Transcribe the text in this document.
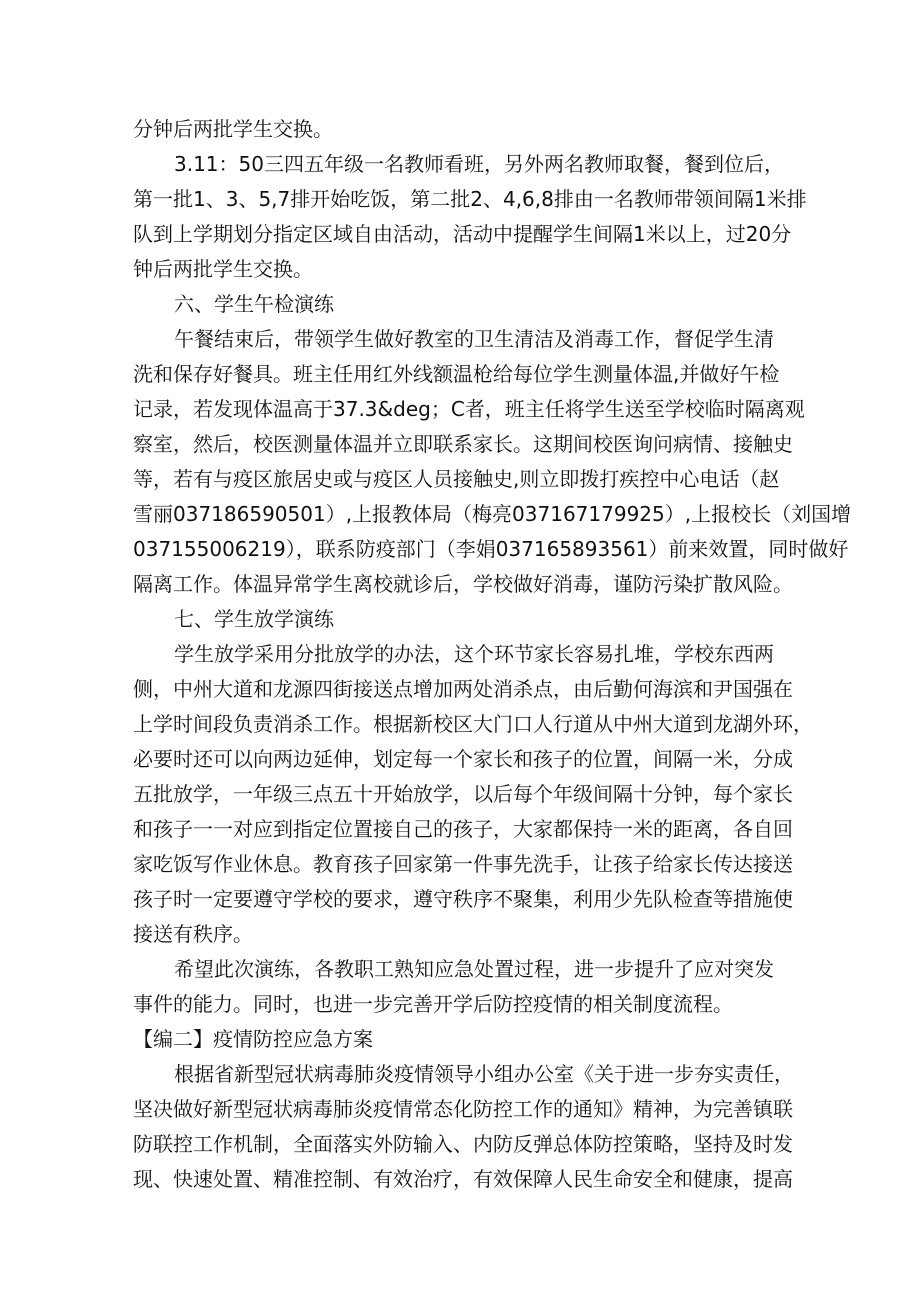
分钟后两批学生交换。
3.11：50三四五年级一名教师看班，另外两名教师取餐，餐到位后，
第一批1、3、5,7排开始吃饭，第二批2、4,6,8排由一名教师带领间隔1米排
队到上学期划分指定区域自由活动，活动中提醒学生间隔1米以上，过20分
钟后两批学生交换。
六、学生午检演练
午餐结束后，带领学生做好教室的卫生清洁及消毒工作，督促学生清
洗和保存好餐具。班主任用红外线额温枪给每位学生测量体温,并做好午检
记录，若发现体温高于37.3&deg；C者，班主任将学生送至学校临时隔离观
察室，然后，校医测量体温并立即联系家长。这期间校医询问病情、接触史
等，若有与疫区旅居史或与疫区人员接触史,则立即拨打疾控中心电话（赵
雪丽037186590501）,上报教体局（梅亮037167179925）,上报校长（刘国增
037155006219），联系防疫部门（李娟037165893561）前来效置，同时做好
隔离工作。体温异常学生离校就诊后，学校做好消毒，谨防污染扩散风险。
七、学生放学演练
学生放学采用分批放学的办法，这个环节家长容易扎堆，学校东西两
侧，中州大道和龙源四街接送点增加两处消杀点，由后勤何海滨和尹国强在
上学时间段负责消杀工作。根据新校区大门口人行道从中州大道到龙湖外环，
必要时还可以向两边延伸，划定每一个家长和孩子的位置，间隔一米，分成
五批放学，一年级三点五十开始放学，以后每个年级间隔十分钟，每个家长
和孩子一一对应到指定位置接自己的孩子，大家都保持一米的距离，各自回
家吃饭写作业休息。教育孩子回家第一件事先洗手，让孩子给家长传达接送
孩子时一定要遵守学校的要求，遵守秩序不聚集，利用少先队检查等措施使
接送有秩序。
希望此次演练，各教职工熟知应急处置过程，进一步提升了应对突发
事件的能力。同时，也进一步完善开学后防控疫情的相关制度流程。
【编二】疫情防控应急方案
根据省新型冠状病毒肺炎疫情领导小组办公室《关于进一步夯实责任，
坚决做好新型冠状病毒肺炎疫情常态化防控工作的通知》精神，为完善镇联
防联控工作机制，全面落实外防输入、内防反弹总体防控策略，坚持及时发
现、快速处置、精准控制、有效治疗，有效保障人民生命安全和健康，提高
